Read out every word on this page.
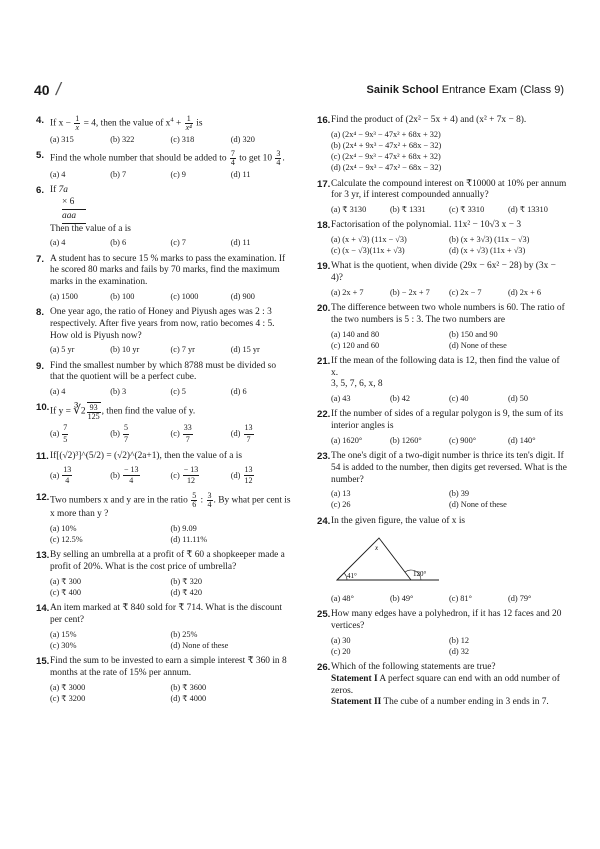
40 /	Sainik School Entrance Exam (Class 9)
4. If $x - \frac{1}{x} = 4$, then the value of $x^4 + \frac{1}{\text{x⁴}}$ is
(a) 315	(b) 322	(c) 318	(d) 320
5. Find the whole number that should be added to $\frac{7}{4}$ to get $10 \frac{3}{4}$ .
(a) 4	(b) 7	(c) 9	(d) 11
6. If 7a
× 6
aaa
Then the value of a is
(a) 4	(b) 6	(c) 7	(d) 11
7. A student has to secure 15 % marks to pass the examination. If he scored 80 marks and fails by 70 marks, find the maximum marks in the examination.
(a) 1500	(b) 100	(c) 1000	(d) 900
8. One year ago, the ratio of Honey and Piyush ages was 2 : 3 respectively. After five years from now, ratio becomes 4 : 5. How old is Piyush now?
(a) 5 yr	(b) 10 yr	(c) 7 yr	(d) 15 yr
9. Find the smallest number by which 8788 must be divided so that the quotient will be a perfect cube.
(a) 4	(b) 3	(c) 5	(d) 6
10. If y = ∛2 $\frac{93}{125}$ , then find the value of y.
$(a) \frac{7}{5}$	$(b) \frac{5}{7}$	$(c) \frac{33}{7}$	$(d) \frac{13}{7}$
11. If[(√2)³]^(5/2) = (√2)^(2a+1), then the value of a is
$(a) \frac{13}{4}$	$(b) \frac{- 13}{4}$	$(c) \frac{- 13}{12}$	$(d) \frac{13}{12}$
12. Two numbers x and y are in the ratio $\frac{5}{6}$ : $\frac{3}{4}$ . By what per cent is x more than y ?
(a) 10%	(b) 9.09
(c) 12.5%	(d) 11.11%
13. By selling an umbrella at a profit of ₹ 60 a shopkeeper made a profit of 20%. What is the cost price of umbrella?
(a) ₹ 300	(b) ₹ 320
(c) ₹ 400	(d) ₹ 420
14. An item marked at ₹ 840 sold for ₹ 714. What is the discount per cent?
(a) 15%	(b) 25%
(c) 30%	(d) None of these
15. Find the sum to be invested to earn a simple interest ₹ 360 in 8 months at the rate of 15% per annum.
(a) ₹ 3000	(b) ₹ 3600
(c) ₹ 3200	(d) ₹ 4000
16. Find the product of (2x² − 5x + 4) and (x² + 7x − 8).
(a) (2x⁴ − 9x³ − 47x² + 68x + 32)
(b) (2x⁴ + 9x³ − 47x² + 68x − 32)
(c) (2x⁴ − 9x³ − 47x² + 68x + 32)
(d) (2x⁴ − 9x³ − 47x² − 68x − 32)
17. Calculate the compound interest on ₹10000 at 10% per annum for 3 yr, if interest compounded annually?
(a) ₹ 3130	(b) ₹ 1331	(c) ₹ 3310	(d) ₹ 13310
18. Factorisation of the polynomial. 11x² − 10√3 x − 3
(a) (x + √3) (11x − √3)	(b) (x + 3√3) (11x − √3)
(c) (x − √3)(11x + √3)	(d) (x + √3) (11x + √3)
19. What is the quotient, when divide (29x − 6x² − 28) by (3x − 4)?
(a) 2x + 7	(b) − 2x + 7	(c) 2x − 7	(d) 2x + 6
20. The difference between two whole numbers is 60. The ratio of the two numbers is 5 : 3. The two numbers are
(a) 140 and 80	(b) 150 and 90
(c) 120 and 60	(d) None of these
21. If the mean of the following data is 12, then find the value of x.
3, 5, 7, 6, x, 8
(a) 43	(b) 42	(c) 40	(d) 50
22. If the number of sides of a regular polygon is 9, the sum of its interior angles is
(a) 1620°	(b) 1260°	(c) 900°	(d) 140°
23. The one's digit of a two-digit number is thrice its ten's digit. If 54 is added to the number, then digits get reversed. What is the number?
(a) 13	(b) 39
(c) 26	(d) None of these
24. In the given figure, the value of x is
x
41°	120°
(a) 48°	(b) 49°	(c) 81°	(d) 79°
25. How many edges have a polyhedron, if it has 12 faces and 20 vertices?
(a) 30	(b) 12
(c) 20	(d) 32
26. Which of the following statements are true?
Statement I A perfect square can end with an odd number of zeros.
Statement II The cube of a number ending in 3 ends in 7.
